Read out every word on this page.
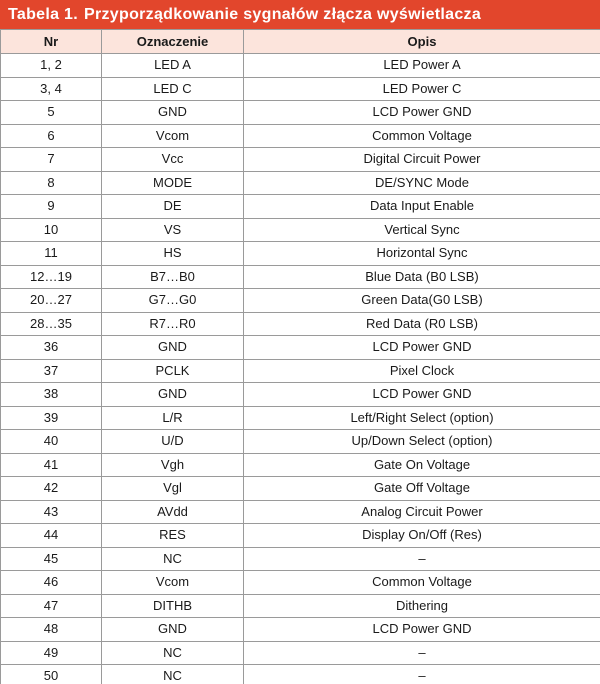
Tabela 1. Przyporządkowanie sygnałów złącza wyświetlacza
Nr	Oznaczenie	Opis
1, 2	LED A	LED Power A
3, 4	LED C	LED Power C
5	GND	LCD Power GND
6	Vcom	Common Voltage
7	Vcc	Digital Circuit Power
8	MODE	DE/SYNC Mode
9	DE	Data Input Enable
10	VS	Vertical Sync
11	HS	Horizontal Sync
12…19	B7…B0	Blue Data (B0 LSB)
20…27	G7…G0	Green Data(G0 LSB)
28…35	R7…R0	Red Data (R0 LSB)
36	GND	LCD Power GND
37	PCLK	Pixel Clock
38	GND	LCD Power GND
39	L/R	Left/Right Select (option)
40	U/D	Up/Down Select (option)
41	Vgh	Gate On Voltage
42	Vgl	Gate Off Voltage
43	AVdd	Analog Circuit Power
44	RES	Display On/Off (Res)
45	NC	–
46	Vcom	Common Voltage
47	DITHB	Dithering
48	GND	LCD Power GND
49	NC	–
50	NC	–
